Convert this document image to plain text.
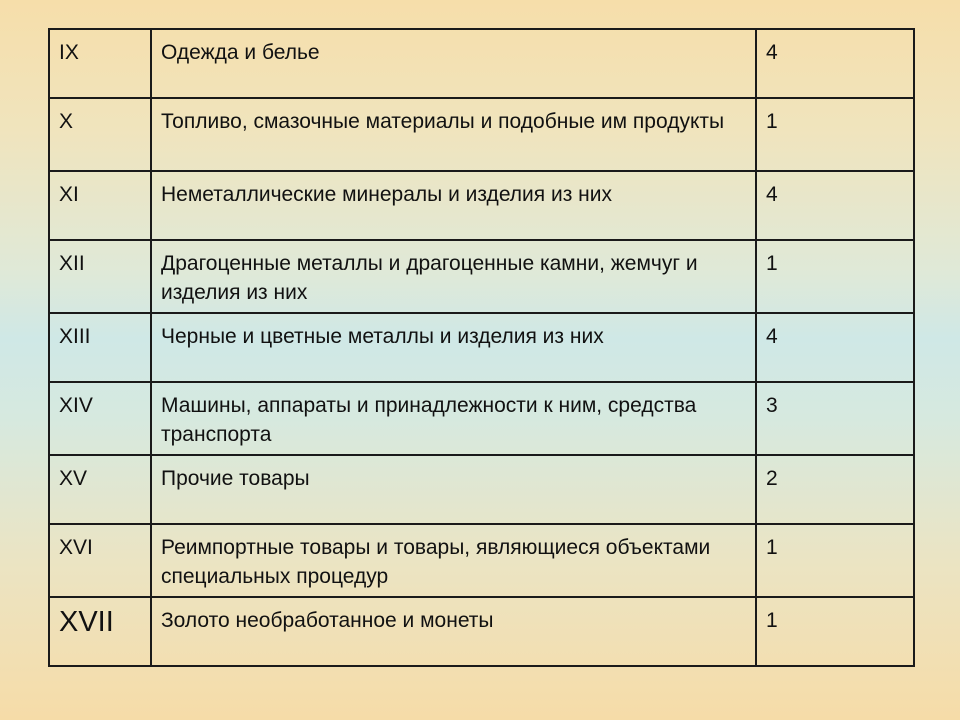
IX	Одежда и белье	4
X	Топливо, смазочные материалы и подобные им продукты	1
XI	Неметаллические минералы и изделия из них	4
XII	Драгоценные металлы и драгоценные камни, жемчуг и изделия из них	1
XIII	Черные и цветные металлы и изделия из них	4
XIV	Машины, аппараты и принадлежности к ним, средства транспорта	3
XV	Прочие товары	2
XVI	Реимпортные товары и товары, являющиеся объектами специальных процедур	1
XVII	Золото необработанное и монеты	1
